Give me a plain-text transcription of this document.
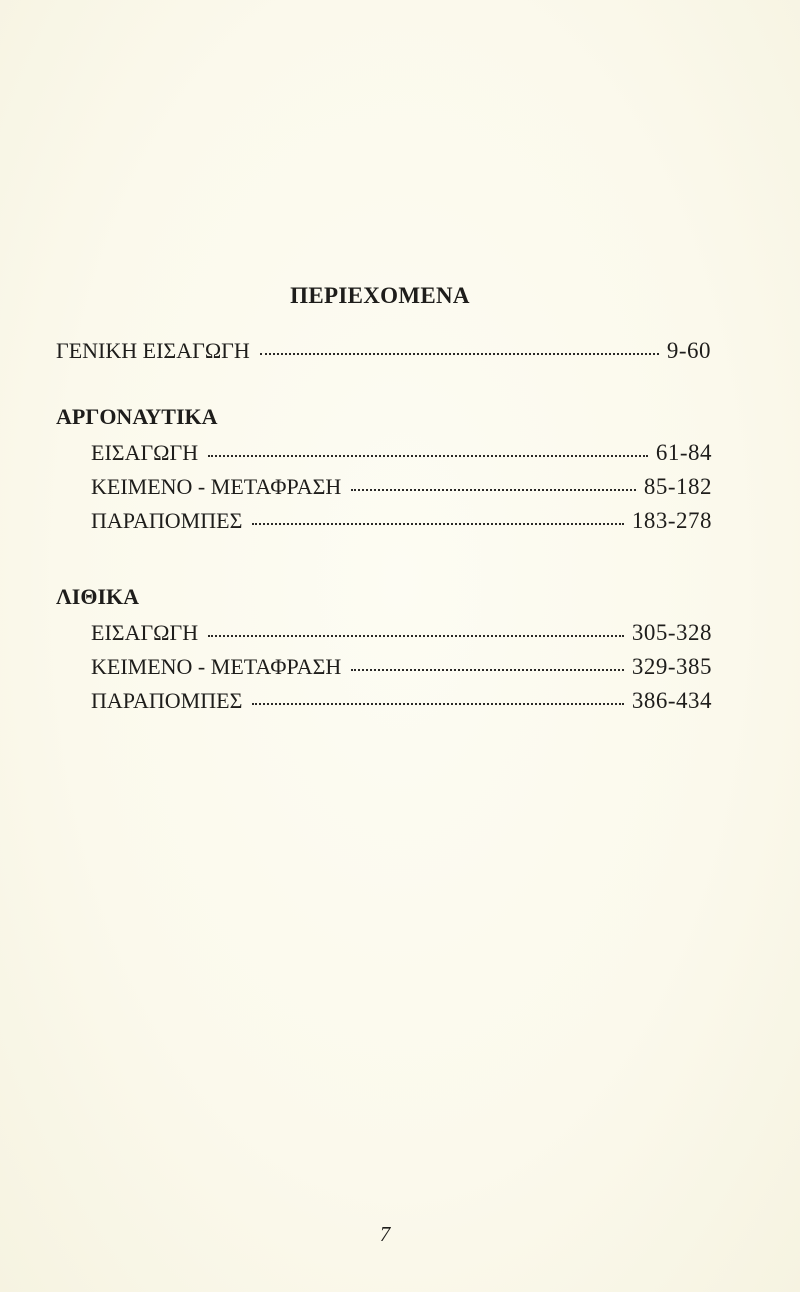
ΠΕΡΙΕΧΟΜΕΝΑ
ΓΕΝΙΚΗ ΕΙΣΑΓΩΓΗ	9-60
ΑΡΓΟΝΑΥΤΙΚΑ
ΕΙΣΑΓΩΓΗ	61-84
ΚΕΙΜΕΝΟ - ΜΕΤΑΦΡΑΣΗ	85-182
ΠΑΡΑΠΟΜΠΕΣ	183-278
ΛΙΘΙΚΑ
ΕΙΣΑΓΩΓΗ	305-328
ΚΕΙΜΕΝΟ - ΜΕΤΑΦΡΑΣΗ	329-385
ΠΑΡΑΠΟΜΠΕΣ	386-434
7
